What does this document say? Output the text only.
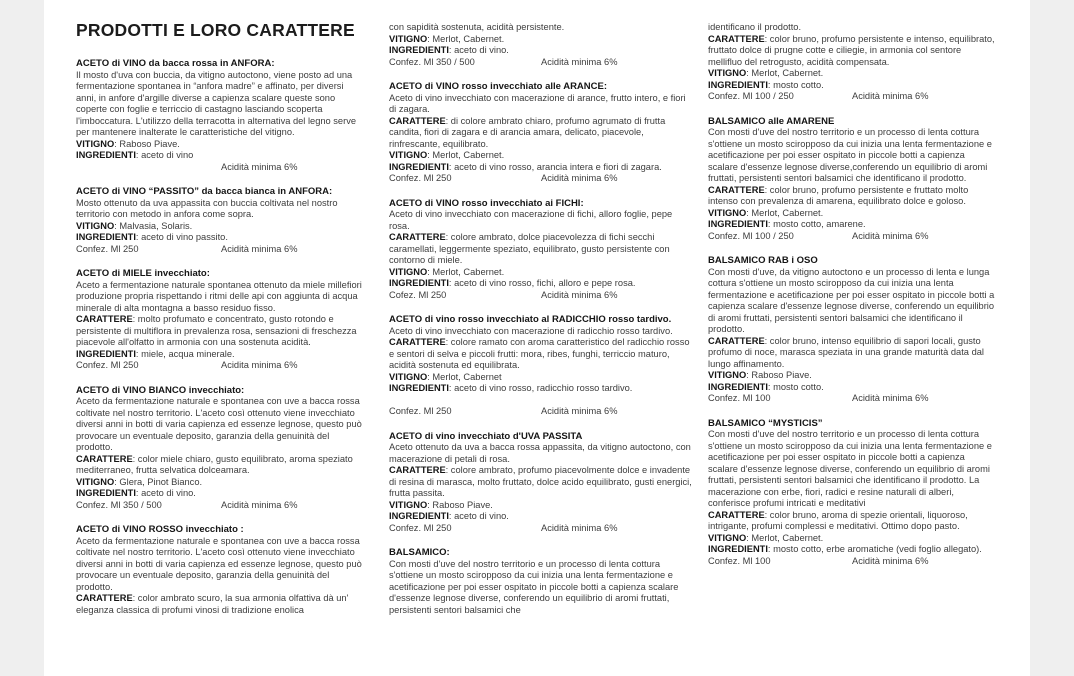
PRODOTTI E LORO CARATTERE
ACETO di VINO da bacca rossa in ANFORA:

Il mosto d'uva con buccia, da vitigno autoctono, viene posto ad una fermentazione spontanea in “anfora madre” e affinato, per diversi anni, in anfore d'argille diverse a capienza scalare queste sono coperte con foglie e terriccio di castagno lasciando scoperta l'imboccatura. L'utilizzo della terracotta in alternativa del legno serve per mantenere inalterate le caratteristiche del vitigno.

VITIGNO: Raboso Piave.

INGREDIENTI: aceto di vino

Acidità minima 6%
ACETO di VINO “PASSITO” da bacca bianca in ANFORA:

Mosto ottenuto da uva appassita con buccia coltivata nel nostro territorio con metodo in anfora come sopra.

VITIGNO: Malvasia, Solaris.

INGREDIENTI: aceto di vino passito.

Confez. Ml 250	Acidità minima 6%
ACETO di MIELE invecchiato:

Aceto a fermentazione naturale spontanea ottenuto da miele millefiori produzione propria rispettando i ritmi delle api con aggiunta di acqua minerale di alta montagna a basso residuo fisso.

CARATTERE: molto profumato e concentrato, gusto rotondo e persistente di multiflora in prevalenza rosa, sensazioni di freschezza piacevole all'olfatto in armonia con una sostenuta acidità.

INGREDIENTI: miele, acqua minerale.

Confez. Ml 250	Acidita minima 6%
ACETO di VINO BIANCO invecchiato:

Aceto da fermentazione naturale e spontanea con uve a bacca rossa coltivate nel nostro territorio. L'aceto così ottenuto viene invecchiato diversi anni in botti di varia capienza ed essenze legnose, questo può provocare un eventuale deposito, garanzia della genuinità del prodotto.

CARATTERE: color miele chiaro, gusto equilibrato, aroma speziato mediterraneo, frutta selvatica dolceamara.

VITIGNO: Glera, Pinot Bianco.

INGREDIENTI: aceto di vino.

Confez. Ml 350 / 500	Acidità minima 6%
ACETO di VINO ROSSO invecchiato :

Aceto da fermentazione naturale e spontanea con uve a bacca rossa coltivate nel nostro territorio. L'aceto così ottenuto viene invecchiato diversi anni in botti di varia capienza ed essenze legnose, questo può provocare un eventuale deposito, garanzia della genuinità del prodotto.

CARATTERE: color ambrato scuro, la sua armonia olfattiva dà un' eleganza classica di profumi vinosi di tradizione enolica

con sapidità sostenuta, acidità persistente.

VITIGNO: Merlot, Cabernet.

INGREDIENTI: aceto di vino.

Confez. Ml 350 / 500	Acidità minima 6%
ACETO di VINO rosso invecchiato alle ARANCE:

Aceto di vino invecchiato con macerazione di arance, frutto intero, e fiori di zagara.

CARATTERE: di colore ambrato chiaro, profumo agrumato di frutta candita, fiori di zagara e di arancia amara, delicato, piacevole, rinfrescante, equilibrato.

VITIGNO: Merlot, Cabernet.

INGREDIENTI: aceto di vino rosso, arancia intera e fiori di zagara.

Confez. Ml 250	Acidità minima 6%
ACETO di VINO rosso invecchiato ai FICHI:

Aceto di vino invecchiato con macerazione di fichi, alloro foglie, pepe rosa.

CARATTERE: colore ambrato, dolce piacevolezza di fichi secchi caramellati, leggermente speziato, equilibrato, gusto persistente con contorno di miele.

VITIGNO: Merlot, Cabernet.

INGREDIENTI: aceto di vino rosso, fichi, alloro e pepe rosa.

Cofez. Ml 250	Acidità minima 6%
ACETO di vino rosso invecchiato al RADICCHIO rosso tardivo.

Aceto di vino invecchiato con macerazione di radicchio rosso tardivo.

CARATTERE: colore ramato con aroma caratteristico del radicchio rosso e sentori di selva e piccoli frutti: mora, ribes, funghi, terriccio maturo, acidità sostenuta ed equilibrata.

VITIGNO: Merlot, Cabernet

INGREDIENTI: aceto di vino rosso, radicchio rosso tardivo.

Confez. Ml 250	Acidità minima 6%
ACETO di vino invecchiato d'UVA PASSITA

Aceto ottenuto da uva a bacca rossa appassita, da vitigno autoctono, con macerazione di petali di rosa.

CARATTERE: colore ambrato, profumo piacevolmente dolce e invadente di resina di marasca, molto fruttato, dolce acido equilibrato, gusti energici, frutta passita.

VITIGNO: Raboso Piave.

INGREDIENTI: aceto di vino.

Confez. Ml 250	Acidità minima 6%
BALSAMICO:

Con mosti d'uve del nostro territorio e un processo di lenta cottura s'ottiene un mosto sciropposo da cui inizia una lenta fermentazione e acetificazione per poi esser ospitato in piccole botti a capienza scalare d'essenze legnose diverse, conferendo un equilibrio di aromi fruttati, persistenti sentori balsamici che

identificano il prodotto.

CARATTERE: color bruno, profumo persistente e intenso, equilibrato, fruttato dolce di prugne cotte e ciliegie, in armonia col sentore mellifluo del retrogusto, acidità compensata.

VITIGNO: Merlot, Cabernet.

INGREDIENTI: mosto cotto.

Confez. Ml 100 / 250	Acidità minima 6%
BALSAMICO alle AMARENE

Con mosti d'uve del nostro territorio e un processo di lenta cottura s'ottiene un mosto sciropposo da cui inizia una lenta fermentazione e acetificazione per poi esser ospitato in piccole botti a capienza scalare d'essenze legnose diverse,conferendo un equilibrio di aromi fruttati, persistenti sentori balsamici che identificano il prodotto.

CARATTERE: color bruno, profumo persistente e fruttato molto intenso con prevalenza di amarena, equilibrato dolce e goloso.

VITIGNO: Merlot, Cabernet.

INGREDIENTI: mosto cotto, amarene.

Confez. Ml 100 / 250	Acidità minima 6%
BALSAMICO RAB i OSO

Con mosti d'uve, da vitigno autoctono e un processo di lenta e lunga cottura s'ottiene un mosto sciropposo da cui inizia una lenta fermentazione e acetificazione per poi esser ospitato in piccole botti a capienza scalare d'essenze legnose diverse, conferendo un equilibrio di aromi fruttati, persistenti sentori balsamici che identificano il prodotto.

CARATTERE: color bruno, intenso equilibrio di sapori locali, gusto profumo di noce, marasca speziata in una grande maturità data dal lungo affinamento.

VITIGNO: Raboso Piave.

INGREDIENTI: mosto cotto.

Confez. Ml 100	Acidità minima 6%
BALSAMICO “MYSTICIS”

Con mosti d'uve del nostro territorio e un processo di lenta cottura s'ottiene un mosto sciropposo da cui inizia una lenta fermentazione e acetificazione per poi esser ospitato in piccole botti a capienza scalare d'essenze legnose diverse, conferendo un equilibrio di aromi fruttati, persistenti sentori balsamici che identificano il prodotto. La macerazione con erbe, fiori, radici e resine naturali di alberi, conferisce profumi intricati e meditativi

CARATTERE: color bruno, aroma di spezie orientali, liquoroso, intrigante, profumi complessi e meditativi. Ottimo dopo pasto.

VITIGNO: Merlot, Cabernet.

INGREDIENTI: mosto cotto, erbe aromatiche (vedi foglio allegato).

Confez. Ml 100	Acidità minima 6%
